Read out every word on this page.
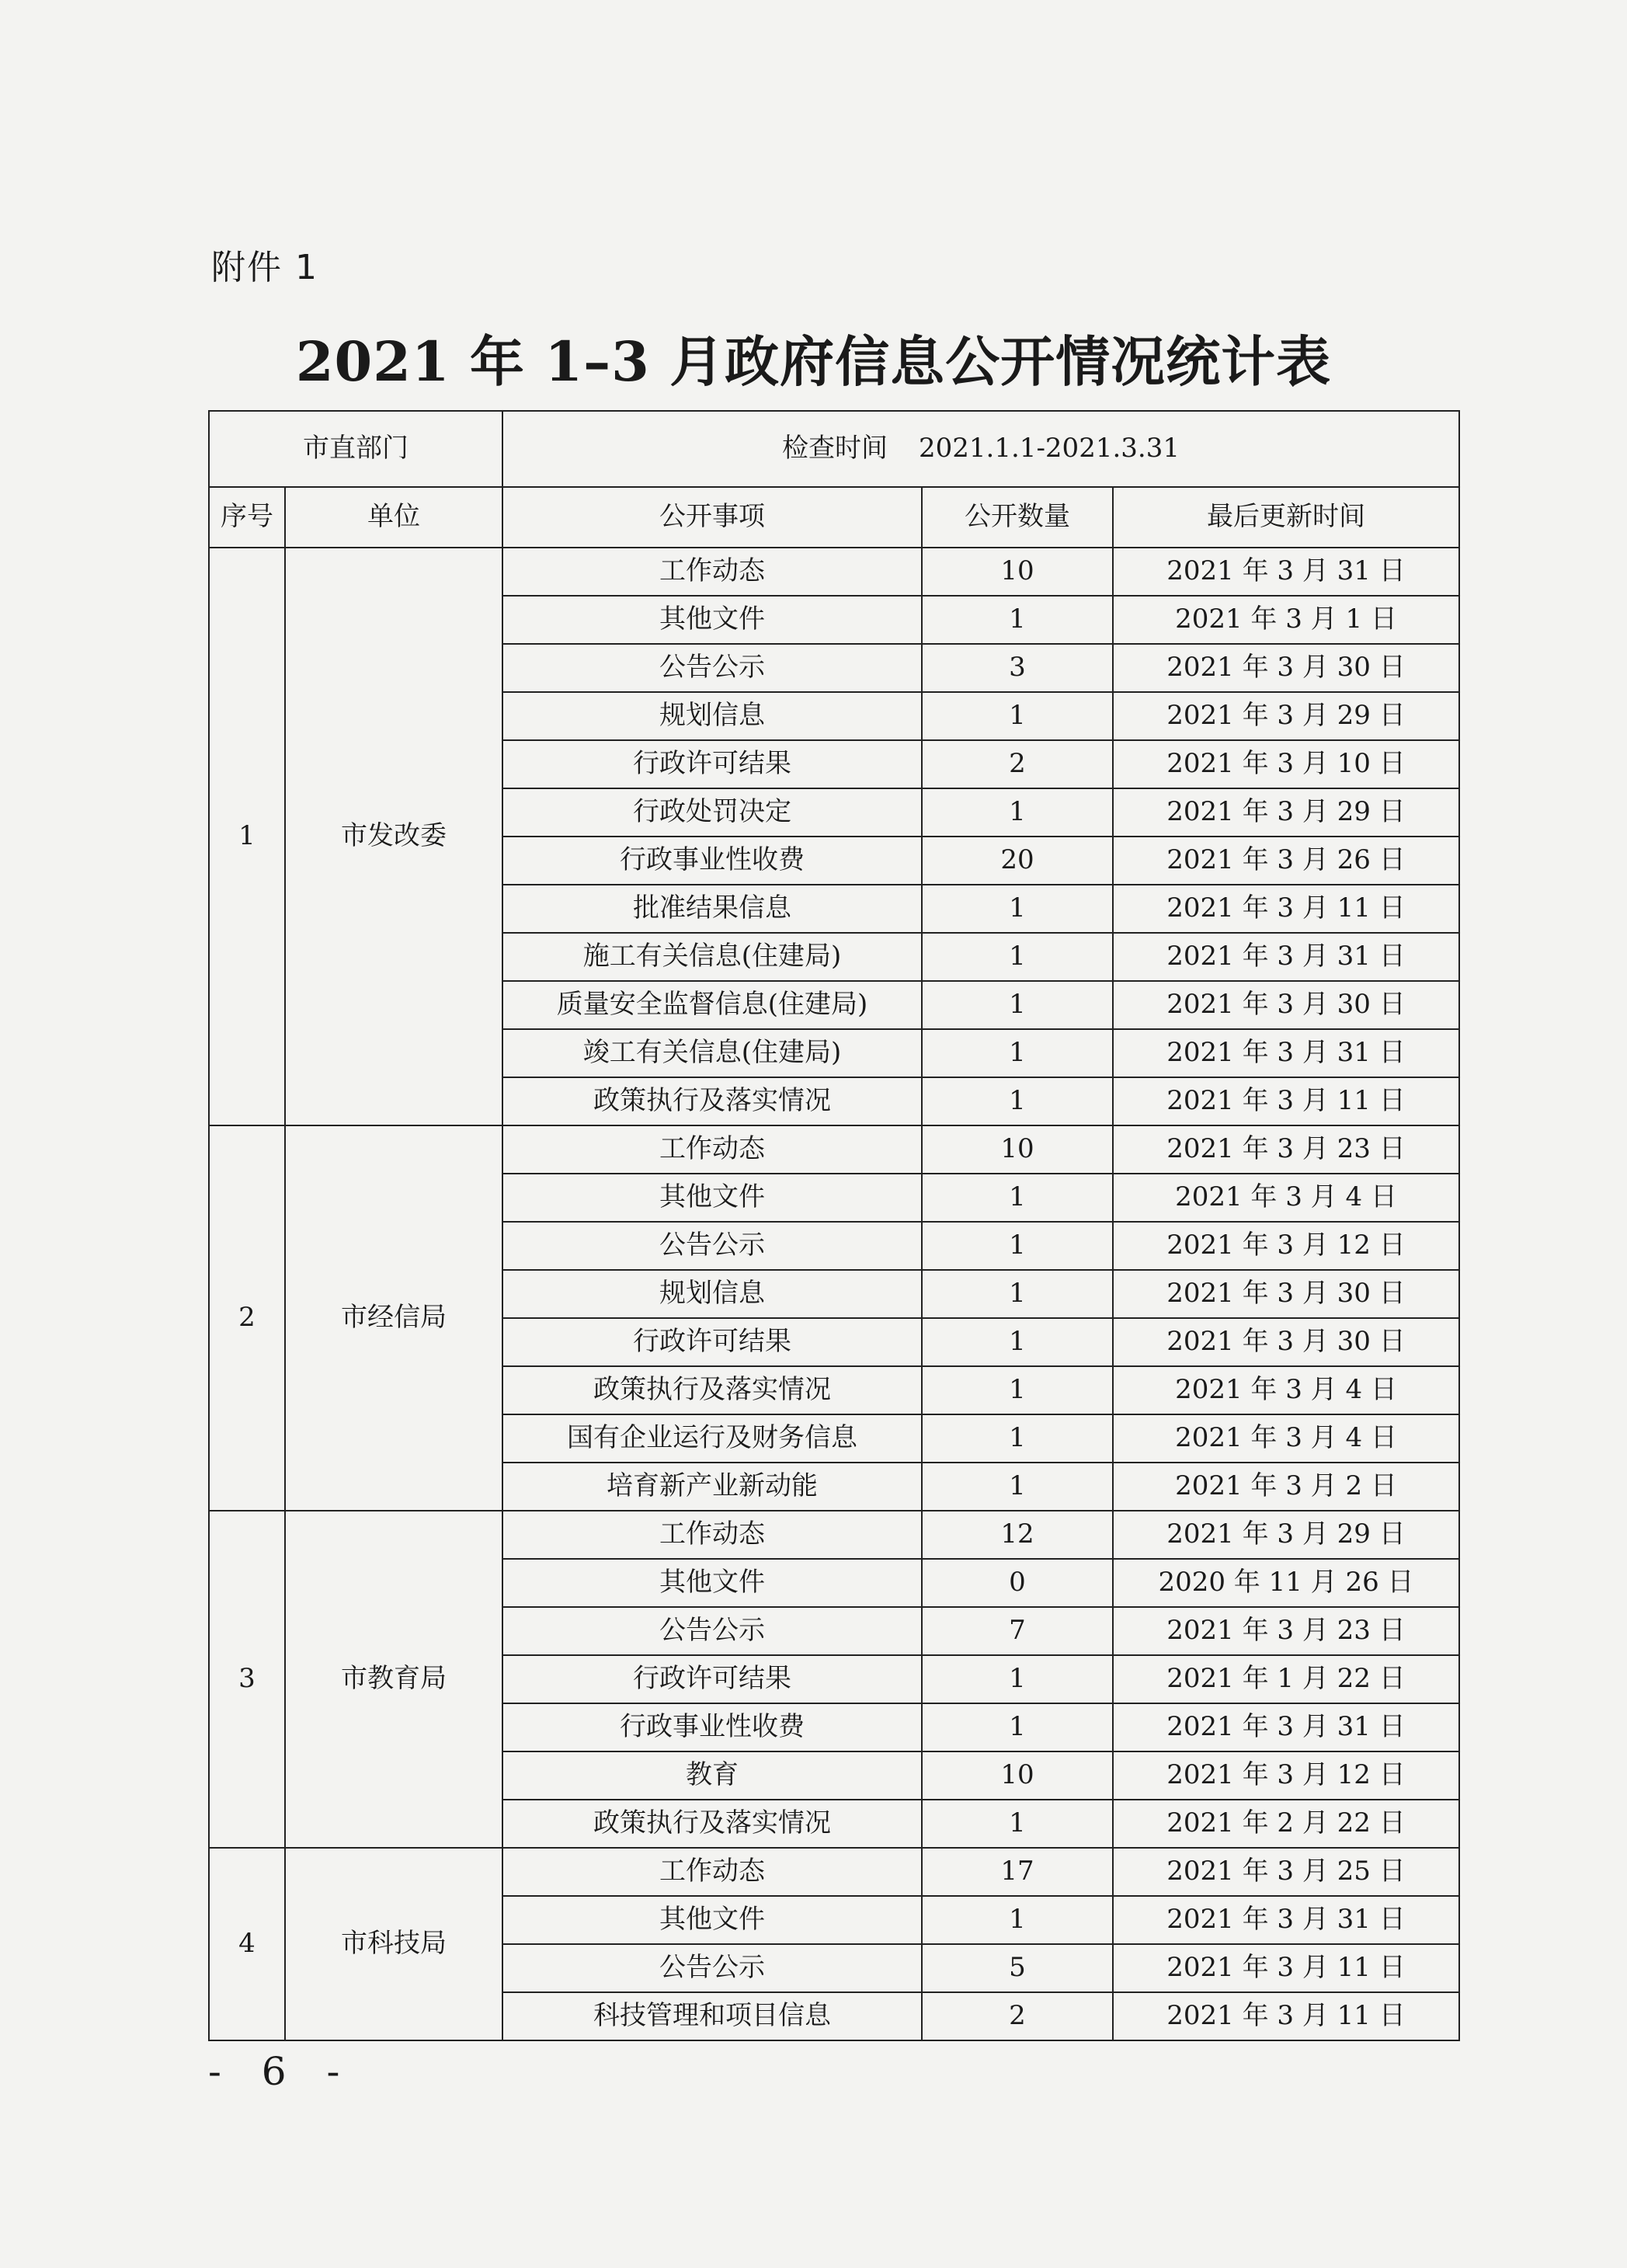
附件 1
2021 年 1–3 月政府信息公开情况统计表
市直部门		检查时间 2021.1.1-2021.3.31		
序号	单位	公开事项	公开数量	最后更新时间
1	市发改委	工作动态	10	2021 年 3 月 31 日
		其他文件	1	2021 年 3 月 1 日
		公告公示	3	2021 年 3 月 30 日
		规划信息	1	2021 年 3 月 29 日
		行政许可结果	2	2021 年 3 月 10 日
		行政处罚决定	1	2021 年 3 月 29 日
		行政事业性收费	20	2021 年 3 月 26 日
		批准结果信息	1	2021 年 3 月 11 日
		施工有关信息(住建局)	1	2021 年 3 月 31 日
		质量安全监督信息(住建局)	1	2021 年 3 月 30 日
		竣工有关信息(住建局)	1	2021 年 3 月 31 日
		政策执行及落实情况	1	2021 年 3 月 11 日
2	市经信局	工作动态	10	2021 年 3 月 23 日
		其他文件	1	2021 年 3 月 4 日
		公告公示	1	2021 年 3 月 12 日
		规划信息	1	2021 年 3 月 30 日
		行政许可结果	1	2021 年 3 月 30 日
		政策执行及落实情况	1	2021 年 3 月 4 日
		国有企业运行及财务信息	1	2021 年 3 月 4 日
		培育新产业新动能	1	2021 年 3 月 2 日
3	市教育局	工作动态	12	2021 年 3 月 29 日
		其他文件	0	2020 年 11 月 26 日
		公告公示	7	2021 年 3 月 23 日
		行政许可结果	1	2021 年 1 月 22 日
		行政事业性收费	1	2021 年 3 月 31 日
		教育	10	2021 年 3 月 12 日
		政策执行及落实情况	1	2021 年 2 月 22 日
4	市科技局	工作动态	17	2021 年 3 月 25 日
		其他文件	1	2021 年 3 月 31 日
		公告公示	5	2021 年 3 月 11 日
		科技管理和项目信息	2	2021 年 3 月 11 日
- 6 -
